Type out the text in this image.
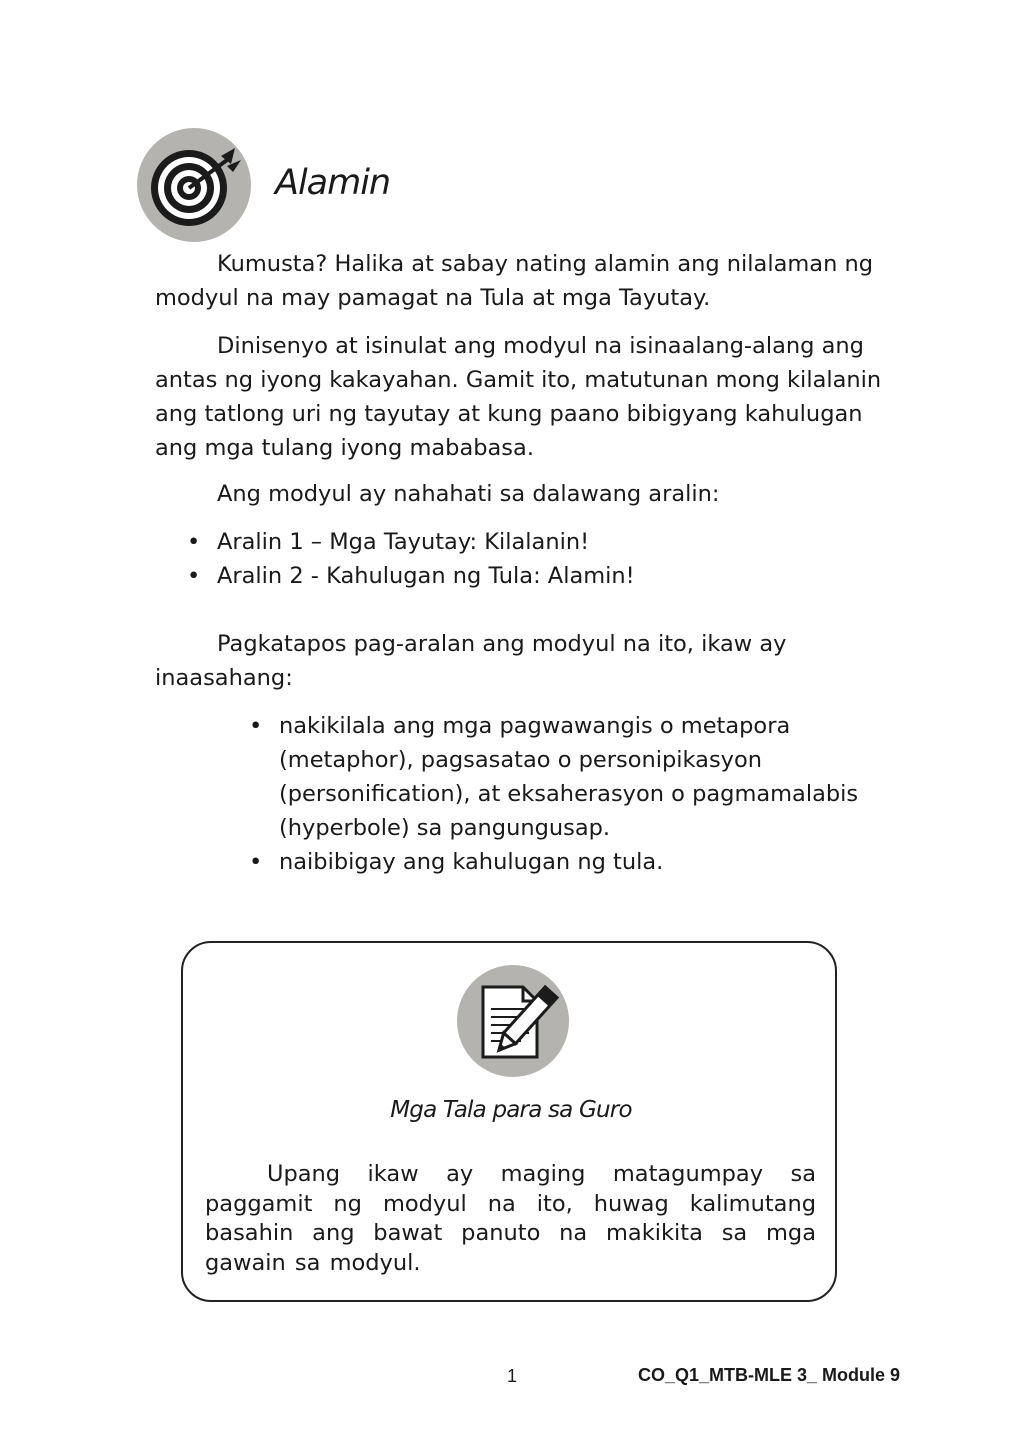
Alamin

Kumusta? Halika at sabay nating alamin ang nilalaman ng modyul na may pamagat na Tula at mga Tayutay.

Dinisenyo at isinulat ang modyul na isinaalang-alang ang antas ng iyong kakayahan. Gamit ito, matutunan mong kilalanin ang tatlong uri ng tayutay at kung paano bibigyang kahulugan ang mga tulang iyong mababasa.

Ang modyul ay nahahati sa dalawang aralin:

• Aralin 1 – Mga Tayutay: Kilalanin!
• Aralin 2 - Kahulugan ng Tula: Alamin!

Pagkatapos pag-aralan ang modyul na ito, ikaw ay inaasahang:

• nakikilala ang mga pagwawangis o metapora (metaphor), pagsasatao o personipikasyon (personification), at eksaherasyon o pagmamalabis (hyperbole) sa pangungusap.
• naibibigay ang kahulugan ng tula.
Mga Tala para sa Guro

Upang ikaw ay maging matagumpay sa paggamit ng modyul na ito, huwag kalimutang basahin ang bawat panuto na makikita sa mga gawain sa modyul.

1	CO_Q1_MTB-MLE 3_ Module 9
